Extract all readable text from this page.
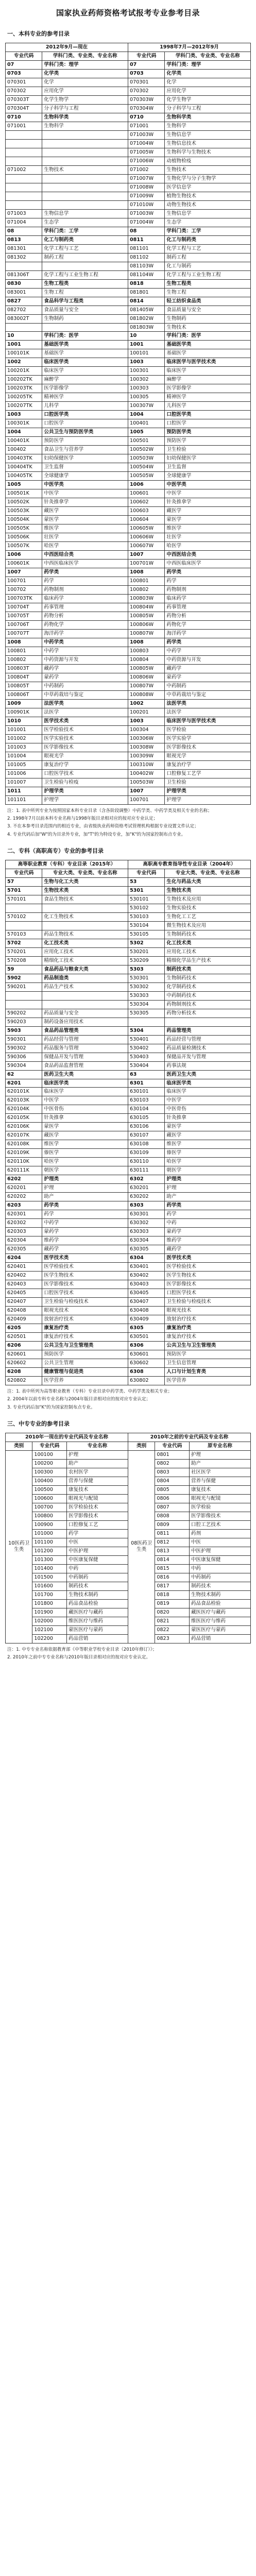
国家执业药师资格考试报考专业参考目录
一、本科专业的参考目录
2012年9月—现在		1998年7月—2012年9月	
专业代码	学科门类、专业类、专业名称	专业代码	学科门类、专业类、专业名称
07	学科门类：理学	07	学科门类：理学
0703	化学类	0703	化学类
070301	化学	070301	化学
070302	应用化学	070302	应用化学
070303T	化学生物学	070303W	化学生物学
070304T	分子科学与工程	070304W	分子科学与工程
0710	生物科学类	0710	生物科学类
071001	生物科学	071001	生物科学
		071003W	生物信息学
		071004W	生物信息技术
		071005W	生物科学与生物技术
		071006W	动植物检疫
071002	生物技术	071002	生物技术
		071007W	生物化学与分子生物学
		071008W	医学信息学
		071009W	植物生物技术
		071010W	动物生物技术
071003	生物信息学	071003W	生物信息学
071004	生态学	071004W	生态学
08	学科门类：工学	08	学科门类：工学
0813	化工与制药类	0811	化工与制药类
081301	化学工程与工艺	081101	化学工程与工艺
081302	制药工程	081102	制药工程
		081103W	化工与制药
081306T	化学工程与工业生物工程	081104W	化学工程与工业生物工程
0830	生物工程类	0818	生物工程类
083001	生物工程	081801	生物工程
0827	食品科学与工程类	0814	轻工纺织食品类
082702	食品质量与安全	081405W	食品质量与安全
083002T	生物制药	081802W	生物制药
		081803W	生物技术
10	学科门类：医学	10	学科门类：医学
1001	基础医学类	1001	基础医学类
100101K	基础医学	100101	基础医学
1002	临床医学类	1003	临床医学与医学技术类
100201K	临床医学	100301	临床医学
100202TK	麻醉学	100302	麻醉学
100203TK	医学影像学	100303	医学影像学
100205TK	精神医学	100305	精神医学
100207TK	儿科学	100307W	儿科医学
1003	口腔医学类	1004	口腔医学类
100301K	口腔医学	100401	口腔医学
1004	公共卫生与预防医学类	1005	预防医学类
100401K	预防医学	100501	预防医学
100402	食品卫生与营养学	100502W	卫生检验
100403TK	妇幼保健医学	100503W	妇幼保健医学
100404TK	卫生监督	100504W	卫生监督
100405TK	全球健康学	100505W	全球健康学
1005	中医学类	1006	中医学类
100501K	中医学	100601	中医学
100502K	针灸推拿学	100602	针灸推拿学
100503K	藏医学	100603	藏医学
100504K	蒙医学	100604	蒙医学
100505K	维医学	100605W	维医学
100506K	壮医学	100606W	壮医学
100507K	哈医学	100607W	哈医学
1006	中西医结合类	1007	中西医结合类
100601K	中西医临床医学	100701W	中西医临床医学
1007	药学类	1008	药学类
100701	药学	100801	药学
100702	药物制剂	100802	药物制剂
100703TK	临床药学	100803W	临床药学
100704T	药事管理	100804W	药事管理
100705T	药物分析	100805W	药物分析
100706T	药物化学	100806W	药物化学
100707T	海洋药学	100807W	海洋药学
1008	中药学类	1008	药学类
100801	中药学	100803	中药学
100802	中药资源与开发	100804	中药资源与开发
100803T	藏药学	100805W	藏药学
100804T	蒙药学	100806W	蒙药学
100805T	中药制药	100807W	中药制药
100806T	中草药栽培与鉴定	100808W	中草药栽培与鉴定
1009	法医学类	1002	法医学类
100901K	法医学	100201	法医学
1010	医学技术类	1003	临床医学与医学技术类
101001	医学检验技术	100304	医学检验
101002	医学实验技术	100306W	医学实验学
101003	医学影像技术	100308W	医学影像技术
101004	眼视光学	100309W	眼视光学
101005	康复治疗学	100310W	康复治疗学
101006	口腔医学技术	100402W	口腔修复工艺学
101007	卫生检验与检疫	100503W	卫生检验
1011	护理学类	1007	护理学类
101101	护理学	100701	护理学
注：1. 表中所列专业为按照国家本科专业目录（含各阶段调整）中药学类、中药学类及相关专业的名称；
2. 1998年7月以前本科专业名称与1998年版目录相对应的按对应专业认定；
3. 不在本参考目录范围内的相近专业，由省级执业药师资格考试管理机构根据专业设置文件认定；
4. 专业代码后加"W"的为目录外专业，加"T"的为特设专业，加"K"的为国家控制布点专业。
二、专科（高职高专）专业的参考目录
高等职业教育（专科）专业目录（2015年）		高职高专教育指导性专业目录（2004年）	
专业代码	专业大类、专业类、专业名称	专业代码	专业大类、专业类、专业名称
57	生物与化工大类	53	生化与药品大类
5701	生物技术类	5301	生物技术类
570101	食品生物技术	530101	生物技术及应用
		530102	生物实验技术
570102	化工生物技术	530103	生物化工工艺
		530104	微生物技术及应用
570103	药品生物技术	530105	生物制药技术
5702	化工技术类	5302	化工技术类
570201	应用化工技术	530201	应用化工技术
570208	精细化工技术	530209	精细化学品生产技术
59	食品药品与粮食大类	5303	制药技术类
5902	药品制造类	530301	生物制药技术
590201	药品生产技术	530302	化学制药技术
		530303	中药制药技术
		530304	药物制剂技术
590202	药品质量与安全	530305	药物分析技术
590203	制药设备应用技术		
5903	食品药品管理类	5304	药品管理类
590301	药品经营与管理	530401	药品经营与管理
590302	药品服务与管理	530402	药品质量检测技术
590306	保健品开发与管理	530403	保健品开发与管理
590304	食品药品监督管理	530404	药事法规
62	医药卫生大类	63	医药卫生大类
6201	临床医学类	6301	临床医学类
620101K	临床医学	630101	临床医学
620103K	中医学	630103	中医学
620104K	中医骨伤	630104	中医骨伤
620105K	针灸推拿	630105	针灸推拿
620106K	蒙医学	630106	蒙医学
620107K	藏医学	630107	藏医学
620108K	维医学	630108	维医学
620109K	傣医学	630109	傣医学
620110K	哈医学	630110	哈医学
620111K	朝医学	630111	朝医学
6202	护理类	6302	护理类
620201	护理	630201	护理
620202	助产	630202	助产
6203	药学类	6303	药学类
620301	药学	630301	药学
620302	中药学	630302	中药
620303	蒙药学	630303	蒙药学
620304	维药学	630304	维药学
620305	藏药学	630305	藏药学
6204	医学技术类	6304	医学技术类
620401	医学检验技术	630401	医学检验技术
620402	医学生物技术	630402	医学生物技术
620403	医学影像技术	630403	医学影像技术
620405	口腔医学技术	630405	口腔医学技术
620407	卫生检验与检疫技术	630407	卫生检验与检疫技术
620408	眼视光技术	630408	眼视光技术
620409	放射治疗技术	630409	放射治疗技术
6205	康复治疗类	6305	康复治疗类
620501	康复治疗技术	630501	康复治疗技术
6206	公共卫生与卫生管理类	6306	公共卫生与卫生管理类
620601	预防医学	630601	预防医学
620602	公共卫生管理	630602	卫生信息管理
6208	健康管理与促进类	6308	人口与计划生育类
620802	医学营养	630802	医学营养
注：1. 表中所列为高等职业教育（专科）专业目录中药学类、中药学类及相关专业；
2. 2004年以前专科专业名称与2004年版目录相对应的按对应专业认定；
3. 专业代码后加"K"的为国家控制布点专业。
三、中专专业的参考目录
2010年一现在的专业代码及专业名称			2010年之前的专业代码及专业名称		
类别	专业代码	专业名称	类别	专业代码	原专业名称
10医药卫生类	100100	护理	08医药卫生类	0801	护理
	100200	助产		0802	助产
	100300	农村医学		0803	社区医学
	100400	营养与保健		0804	营养与保健
	100500	康复技术		0805	康复技术
	100600	眼视光与配镜		0806	眼视光与配镜
	100700	医学检验技术		0807	医学检验
	100800	医学影像技术		0808	医学影像技术
	100900	口腔修复工艺		0809	口腔工艺技术
	101000	药学		0811	药剂
	101100	中医		0812	中医
	101200	中医护理		0813	中医护理
	101300	中医康复保健		0814	中医康复保健
	101400	中药		0815	中药
	101500	中药制药		0816	中药制药
	101600	制药技术		0817	制药技术
	101700	生物技术制药		0818	生物技术制药
	101800	药品食品检验		0819	药品食品检验
	101900	藏医医疗与藏药		0820	藏医医疗与藏药
	102000	维医医疗与维药		0821	维医医疗与维药
	102100	蒙医医疗与蒙药		0822	蒙医医疗与蒙药
	102200	药品营销		0823	药品营销
注：1. 中专专业名称依据教育部《中等职业学校专业目录（2010年修订）》；
2. 2010年之前中专专业名称与2010年版目录相对应的按对应专业认定。
